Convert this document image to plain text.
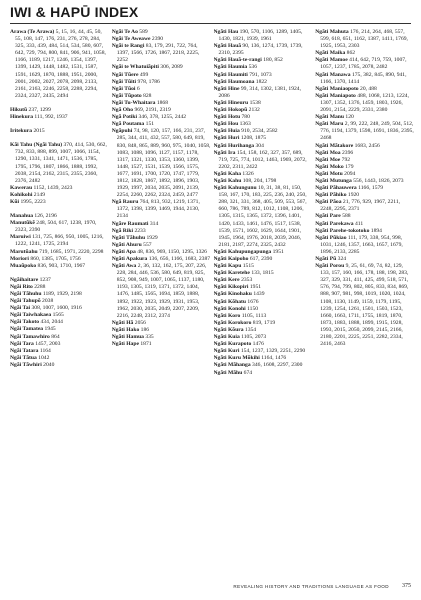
IWI & HAPŪ INDEX
Arawa (Te Arawa) 5, 15, 16, 44, 45, 50, 55, 108, 147, 176, 231, 276, 278, 284, 325, 333, 439, 484, 514, 534, 580, 607, 642, 729, 794, 800, 841, 906, 941, 1058, 1166, 1189, 1217, 1246, 1354, 1397, 1399, 1429, 1448, 1482, 1531, 1587, 1591, 1629, 1870, 1888, 1951, 2000, 2001, 2002, 2027, 2078, 2098, 2133, 2161, 2163, 2246, 2258, 2288, 2294, 2324, 2327, 2435, 2494
Hikutū 237, 1299
Hinekura 111, 992, 1937
Iritekura 2015
Kāi Tahu (Ngāi Tahu) 370, 414, 530, 662, 732, 833, 888, 899, 1007, 1066, 1154, 1290, 1331, 1341, 1471, 1536, 1785, 1795, 1796, 1807, 1866, 1888, 1992, 2038, 2154, 2162, 2315, 2355, 2360, 2376, 2482
Kawerau 1152, 1439, 2423
Kohikohi 2149
Kūi 1995, 2223
Manahua 126, 2196
Manutūkē 248, 504, 617, 1238, 1970, 2323, 2390
Maruiwi 131, 725, 866, 950, 1005, 1216, 1222, 1241, 1725, 2194
Marutūahu 719, 1685, 1971, 2220, 2298
Moriori 860, 1385, 1705, 1756
Muaūpoko 836, 903, 1710, 1967
Ngāihaitare 1237
Ngāi Rito 2288
Ngāi Tāhuhu 1189, 1929, 2198
Ngāi Tahupō 2038
Ngāi Tai 308, 1007, 1600, 1916
Ngāi Taiwhakaea 1565
Ngāi Takoto 434, 2044
Ngāi Tamatea 1945
Ngāi Tamawhiro 864
Ngāi Tara 1457, 2003
Ngāi Tatara 1164
Ngāi Tātua 1042
Ngāi Tāwhiri 2040
Ngāi Te Ao 589
Ngāi Te Aweawe 2390
Ngāi te Rangi 83, 179, 291, 722, 764, 1397, 1566, 1726, 1867, 2218, 2225, 2252
Ngāi te Whatuiāpiti 306, 2089
Ngāi Tūere 499
Ngāi Tūiti 978, 1786
Ngāi Tūoi 6
Ngāi Tūpoto 828
Ngāi Tu-Whaitara 1868
Ngā Oho 969, 2191, 2319
Ngā Potiki 346, 378, 1255, 2442
Ngā Poutama 151
Ngāpuhi 74, 98, 120, 157, 166, 231, 237, 285, 344, 411, 432, 557, 580, 649, 819, 830, 848, 865, 889, 960, 975, 1040, 1058, 1083, 1088, 1096, 1127, 1157, 1178, 1317, 1321, 1330, 1353, 1360, 1399, 1448, 1527, 1531, 1539, 1566, 1575, 1677, 1691, 1700, 1720, 1747, 1779, 1812, 1828, 1867, 1892, 1896, 1903, 1929, 1997, 2034, 2035, 2091, 2139, 2254, 2260, 2262, 2324, 2459, 2477
Ngā Rauru 764, 813, 932, 1219, 1371, 1372, 1398, 1399, 1469, 1944, 2130, 2134
Ngāre Raumati 314
Ngā Riki 2233
Ngāti Tāhuhu 1929
Ngāti Ahuru 557
Ngāti Apa 48, 836, 969, 1150, 1295, 1326
Ngāti Apakura 136, 656, 1166, 1683, 2387
Ngāti Awa 2, 36, 132, 162, 175, 207, 226, 228, 284, 446, 536, 580, 649, 819, 825, 852, 908, 949, 1007, 1065, 1137, 1180, 1193, 1305, 1319, 1371, 1372, 1404, 1476, 1485, 1565, 1694, 1859, 1888, 1892, 1922, 1923, 1929, 1931, 1953, 1962, 2030, 2035, 2049, 2207, 2209, 2216, 2248, 2312, 2374
Ngāti Hā 2056
Ngāti Hako 186
Ngāti Hamua 335
Ngāti Hape 1871
Ngāti Hau 190, 570, 1106, 1289, 1405, 1430, 1821, 1939, 1961
Ngāti Hauā 90, 136, 1274, 1739, 1739, 2310, 2395
Ngāti Hauā-te-rangi 180, 852
Ngāti Haumia 536
Ngāti Haumiti 791, 1073
Ngāti Haumoana 1822
Ngāti Hine 99, 314, 1302, 1381, 1924, 2086
Ngāti Hineuru 1538
Ngāti Hokopū 2132
Ngāti Hotu 780
Ngāti Hou 1363
Ngāti Huia 910, 2534, 2582
Ngāti Huri 1208, 1875
Ngāti Hurihanga 304
Ngāti Ira 154, 158, 162, 327, 357, 689, 719, 725, 774, 1012, 1463, 1969, 2072, 2202, 2311, 2422
Ngāti Kaha 1326
Ngāti Kahu 108, 204, 1798
Ngāti Kahungunu 10, 31, 38, 81, 150, 158, 167, 170, 183, 225, 236, 240, 250, 288, 321, 331, 368, 405, 509, 553, 567, 660, 786, 789, 812, 1012, 1108, 1206, 1305, 1315, 1365, 1372, 1396, 1401, 1420, 1433, 1461, 1476, 1517, 1538, 1539, 1571, 1602, 1629, 1644, 1901, 1945, 1964, 1976, 2018, 2039, 2046, 2181, 2187, 2274, 2325, 2432
Ngāti Kahupungapunga 1951
Ngāti Kaipoho 617, 2390
Ngāti Kapu 1515
Ngāti Karetehe 133, 1815
Ngāti Kere 2353
Ngāti Kikopiri 1951
Ngāti Kinohaku 1439
Ngāti Kōhatu 1676
Ngāti Konohi 1150
Ngāti Koro 1105, 1113
Ngāti Korokoro 819, 1719
Ngāti Kōura 1354
Ngāti Kuia 1105, 2073
Ngāti Kurapoto 1476
Ngāti Kuri 154, 1237, 1329, 2251, 2290
Ngāti Kuru Mōkihi 1164, 1476
Ngāti Māhanga 346, 1608, 2297, 2300
Ngāti Māhu 674
Ngāti Mahuta 176, 214, 264, 468, 557, 599, 618, 651, 1162, 1387, 1411, 1769, 1925, 1953, 2303
Ngāti Maika 862
Ngāti Mamoe 414, 642, 719, 759, 1007, 1057, 1237, 1785, 2078, 2482
Ngāti Manawa 175, 382, 845, 890, 941, 1166, 1370, 1414
Ngāti Maniaopoto 20, 488
Ngāti Maniapoto 488, 1068, 1213, 1224, 1307, 1352, 1376, 1459, 1803, 1926, 2091, 2154, 2229, 2331, 2380
Ngāti Manu 120
Ngāti Maru 2, 99, 222, 248, 249, 504, 512, 776, 1194, 1379, 1598, 1691, 1836, 2395, 2468
Ngāti Mātakore 1683, 2456
Ngāti Moa 2396
Ngāti Moe 792
Ngāti Moko 179
Ngāti Motu 2094
Ngāti Mutunga 556, 1443, 1826, 2073
Ngāti Pāhauwera 1166, 1579
Ngāti Pāhiko 1920
Ngāti Pāoa 21, 776, 929, 1967, 2211, 2248, 2295, 2371
Ngāti Pare 588
Ngāti Parekawa 411
Ngāti Parehe-tokotoko 1894
Ngāti Pūkiao 111, 179, 338, 954, 998, 1031, 1246, 1357, 1663, 1657, 1679, 1896, 2133, 2285
Ngāti Pū 324
Ngāti Porou 9, 25, 61, 69, 74, 82, 129, 133, 157, 160, 166, 178, 188, 198, 283, 327, 329, 331, 411, 425, 499, 518, 571, 576, 794, 799, 802, 805, 833, 834, 869, 888, 907, 981, 998, 1019, 1020, 1024, 1108, 1130, 1149, 1159, 1179, 1195, 1239, 1254, 1261, 1501, 1503, 1523, 1660, 1663, 1711, 1755, 1819, 1870, 1873, 1883, 1888, 1899, 1915, 1928, 1993, 2015, 2050, 2099, 2145, 2166, 2180, 2201, 2225, 2251, 2282, 2334, 2416, 2463
REVEALING HISTORY AND TRADITIONS LANGUAGE AS FOOD 375
